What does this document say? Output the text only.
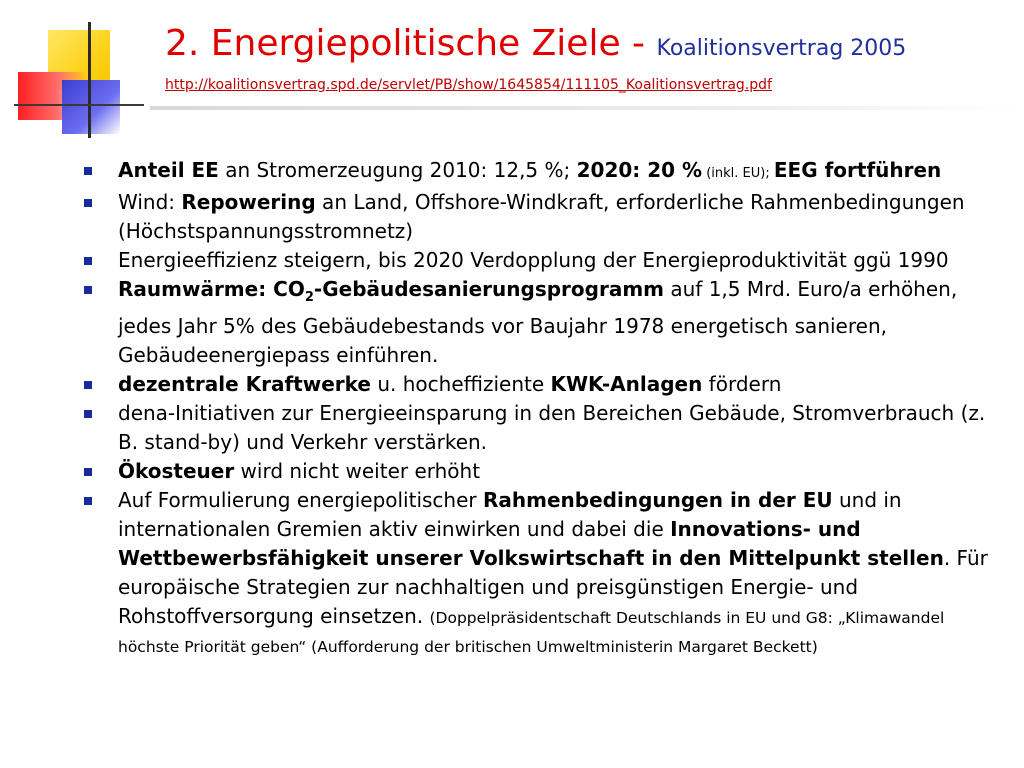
2. Energiepolitische Ziele - Koalitionsvertrag 2005
http://koalitionsvertrag.spd.de/servlet/PB/show/1645854/111105_Koalitionsvertrag.pdf
Anteil EE an Stromerzeugung 2010: 12,5 %; 2020: 20 % (inkl. EU); EEG fortführen
Wind: Repowering an Land, Offshore-Windkraft, erforderliche Rahmenbedingungen (Höchstspannungsstromnetz)
Energieeffizienz steigern, bis 2020 Verdopplung der Energieproduktivität ggü 1990
Raumwärme: $CO_2$-Gebäudesanierungsprogramm auf 1,5 Mrd. Euro/a erhöhen, jedes Jahr 5% des Gebäudebestands vor Baujahr 1978 energetisch sanieren, Gebäudeenergiepass einführen.
dezentrale Kraftwerke u. hocheffiziente KWK-Anlagen fördern
dena-Initiativen zur Energieeinsparung in den Bereichen Gebäude, Stromverbrauch (z. B. stand-by) und Verkehr verstärken.
Ökosteuer wird nicht weiter erhöht
Auf Formulierung energiepolitischer Rahmenbedingungen in der EU und in internationalen Gremien aktiv einwirken und dabei die Innovations- und Wettbewerbsfähigkeit unserer Volkswirtschaft in den Mittelpunkt stellen. Für europäische Strategien zur nachhaltigen und preisgünstigen Energie- und Rohstoffversorgung einsetzen. (Doppelpräsidentschaft Deutschlands in EU und G8: „Klimawandel höchste Priorität geben“ (Aufforderung der britischen Umweltministerin Margaret Beckett)
